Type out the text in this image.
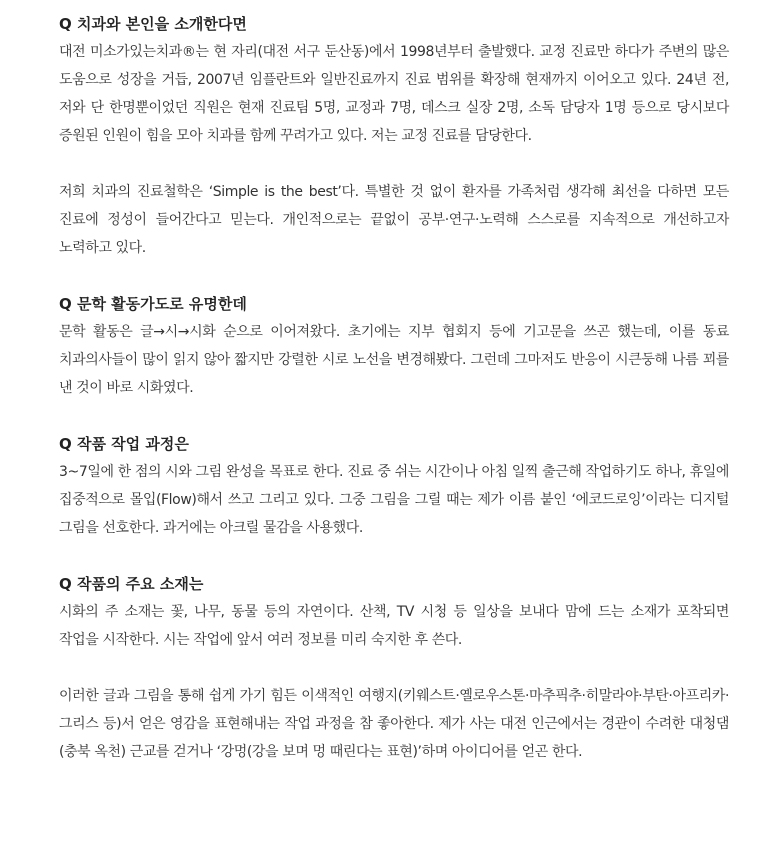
Q 치과와 본인을 소개한다면

대전 미소가있는치과®는 현 자리(대전 서구 둔산동)에서 1998년부터 출발했다. 교정 진료만 하다가 주변의 많은 도움으로 성장을 거듭, 2007년 임플란트와 일반진료까지 진료 범위를 확장해 현재까지 이어오고 있다. 24년 전, 저와 단 한명뿐이었던 직원은 현재 진료팀 5명, 교정과 7명, 데스크 실장 2명, 소독 담당자 1명 등으로 당시보다 증원된 인원이 힘을 모아 치과를 함께 꾸려가고 있다. 저는 교정 진료를 담당한다.

저희 치과의 진료철학은 ‘Simple is the best’다. 특별한 것 없이 환자를 가족처럼 생각해 최선을 다하면 모든 진료에 정성이 들어간다고 믿는다. 개인적으로는 끝없이 공부·연구·노력해 스스로를 지속적으로 개선하고자 노력하고 있다.

Q 문학 활동가도로 유명한데

문학 활동은 글→시→시화 순으로 이어져왔다. 초기에는 지부 협회지 등에 기고문을 쓰곤 했는데, 이를 동료 치과의사들이 많이 읽지 않아 짧지만 강렬한 시로 노선을 변경해봤다. 그런데 그마저도 반응이 시큰둥해 나름 꾀를 낸 것이 바로 시화였다.

Q 작품 작업 과정은

3~7일에 한 점의 시와 그림 완성을 목표로 한다. 진료 중 쉬는 시간이나 아침 일찍 출근해 작업하기도 하나, 휴일에 집중적으로 몰입(Flow)해서 쓰고 그리고 있다. 그중 그림을 그릴 때는 제가 이름 붙인 ‘에코드로잉’이라는 디지털 그림을 선호한다. 과거에는 아크릴 물감을 사용했다.

Q 작품의 주요 소재는

시화의 주 소재는 꽃, 나무, 동물 등의 자연이다. 산책, TV 시청 등 일상을 보내다 맘에 드는 소재가 포착되면 작업을 시작한다. 시는 작업에 앞서 여러 정보를 미리 숙지한 후 쓴다.

이러한 글과 그림을 통해 쉽게 가기 힘든 이색적인 여행지(키웨스트·옐로우스톤·마추픽추·히말라야·부탄·아프리카·그리스 등)서 얻은 영감을 표현해내는 작업 과정을 참 좋아한다. 제가 사는 대전 인근에서는 경관이 수려한 대청댐(충북 옥천) 근교를 걷거나 ‘강멍(강을 보며 멍 때린다는 표현)’하며 아이디어를 얻곤 한다.
